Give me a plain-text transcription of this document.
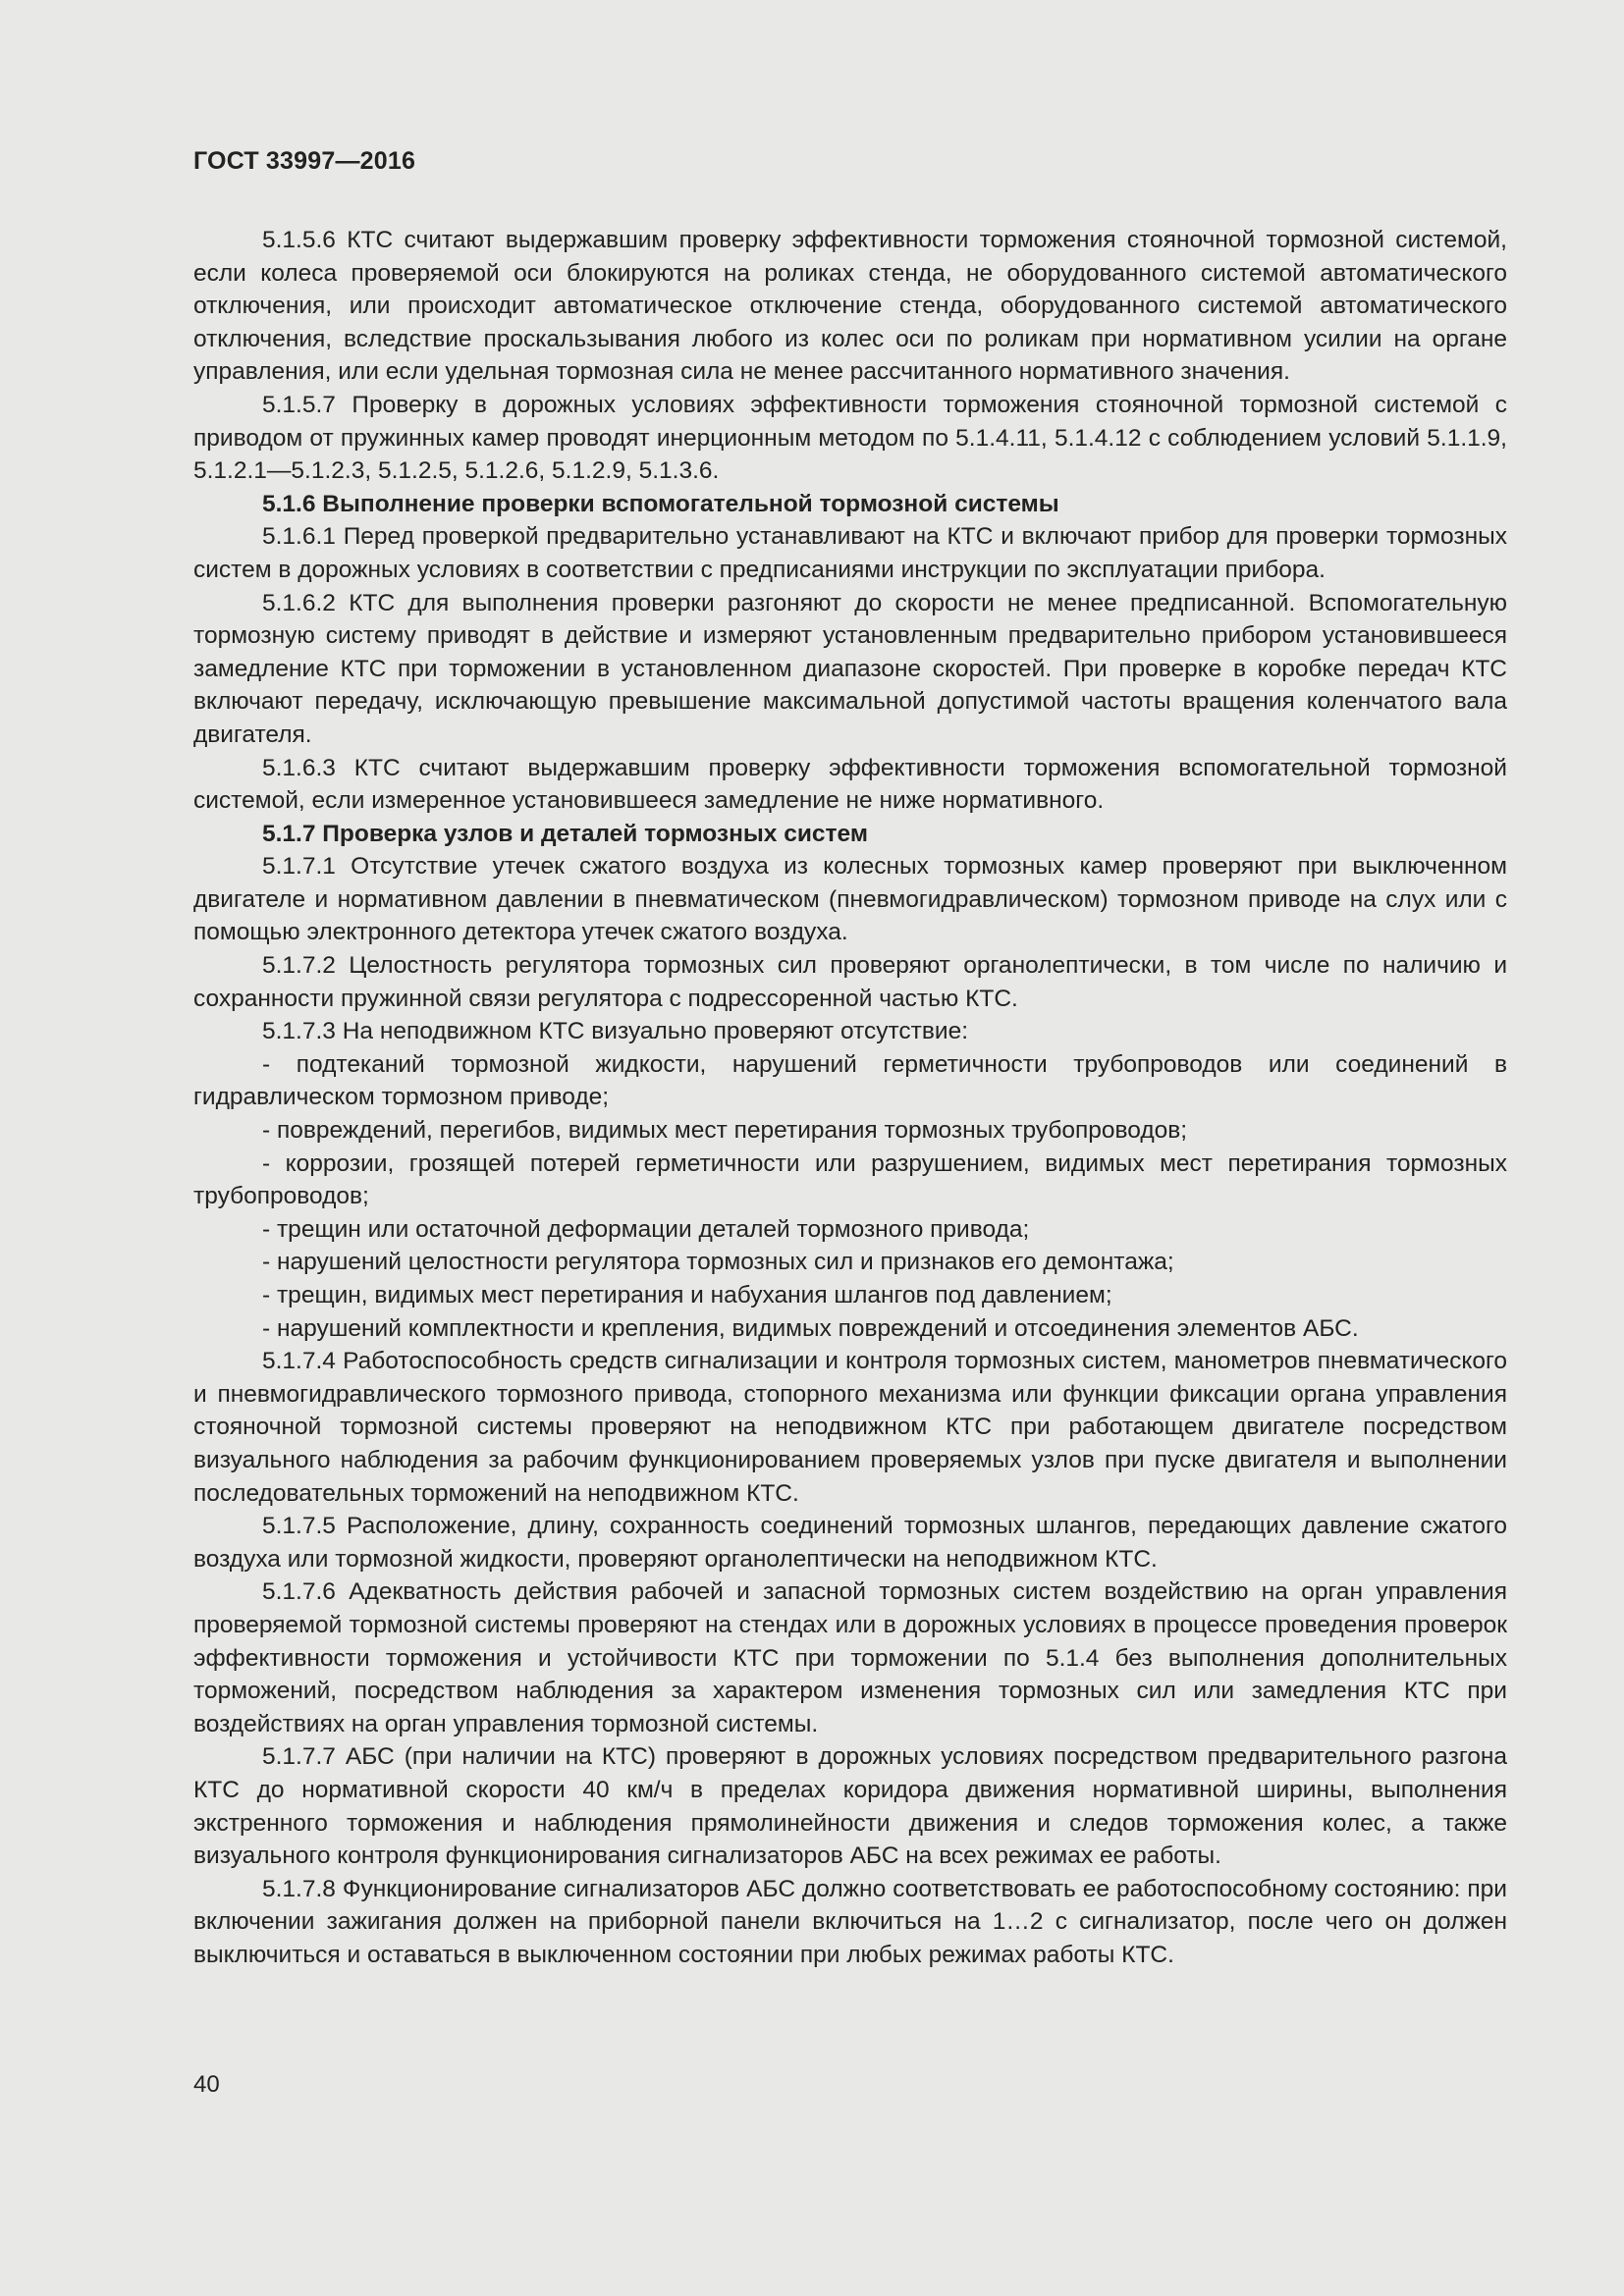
ГОСТ 33997—2016

5.1.5.6 КТС считают выдержавшим проверку эффективности торможения стояночной тормозной системой, если колеса проверяемой оси блокируются на роликах стенда, не оборудованного системой автоматического отключения, или происходит автоматическое отключение стенда, оборудованного системой автоматического отключения, вследствие проскальзывания любого из колес оси по роликам при нормативном усилии на органе управления, или если удельная тормозная сила не менее рассчитанного нормативного значения.

5.1.5.7 Проверку в дорожных условиях эффективности торможения стояночной тормозной системой с приводом от пружинных камер проводят инерционным методом по 5.1.4.11, 5.1.4.12 с соблюдением условий 5.1.1.9, 5.1.2.1—5.1.2.3, 5.1.2.5, 5.1.2.6, 5.1.2.9, 5.1.3.6.

5.1.6 Выполнение проверки вспомогательной тормозной системы

5.1.6.1 Перед проверкой предварительно устанавливают на КТС и включают прибор для проверки тормозных систем в дорожных условиях в соответствии с предписаниями инструкции по эксплуатации прибора.

5.1.6.2 КТС для выполнения проверки разгоняют до скорости не менее предписанной. Вспомогательную тормозную систему приводят в действие и измеряют установленным предварительно прибором установившееся замедление КТС при торможении в установленном диапазоне скоростей. При проверке в коробке передач КТС включают передачу, исключающую превышение максимальной допустимой частоты вращения коленчатого вала двигателя.

5.1.6.3 КТС считают выдержавшим проверку эффективности торможения вспомогательной тормозной системой, если измеренное установившееся замедление не ниже нормативного.

5.1.7 Проверка узлов и деталей тормозных систем

5.1.7.1 Отсутствие утечек сжатого воздуха из колесных тормозных камер проверяют при выключенном двигателе и нормативном давлении в пневматическом (пневмогидравлическом) тормозном приводе на слух или с помощью электронного детектора утечек сжатого воздуха.

5.1.7.2 Целостность регулятора тормозных сил проверяют органолептически, в том числе по наличию и сохранности пружинной связи регулятора с подрессоренной частью КТС.

5.1.7.3 На неподвижном КТС визуально проверяют отсутствие:

- подтеканий тормозной жидкости, нарушений герметичности трубопроводов или соединений в гидравлическом тормозном приводе;

- повреждений, перегибов, видимых мест перетирания тормозных трубопроводов;

- коррозии, грозящей потерей герметичности или разрушением, видимых мест перетирания тормозных трубопроводов;

- трещин или остаточной деформации деталей тормозного привода;

- нарушений целостности регулятора тормозных сил и признаков его демонтажа;

- трещин, видимых мест перетирания и набухания шлангов под давлением;

- нарушений комплектности и крепления, видимых повреждений и отсоединения элементов АБС.

5.1.7.4 Работоспособность средств сигнализации и контроля тормозных систем, манометров пневматического и пневмогидравлического тормозного привода, стопорного механизма или функции фиксации органа управления стояночной тормозной системы проверяют на неподвижном КТС при работающем двигателе посредством визуального наблюдения за рабочим функционированием проверяемых узлов при пуске двигателя и выполнении последовательных торможений на неподвижном КТС.

5.1.7.5 Расположение, длину, сохранность соединений тормозных шлангов, передающих давление сжатого воздуха или тормозной жидкости, проверяют органолептически на неподвижном КТС.

5.1.7.6 Адекватность действия рабочей и запасной тормозных систем воздействию на орган управления проверяемой тормозной системы проверяют на стендах или в дорожных условиях в процессе проведения проверок эффективности торможения и устойчивости КТС при торможении по 5.1.4 без выполнения дополнительных торможений, посредством наблюдения за характером изменения тормозных сил или замедления КТС при воздействиях на орган управления тормозной системы.

5.1.7.7 АБС (при наличии на КТС) проверяют в дорожных условиях посредством предварительного разгона КТС до нормативной скорости 40 км/ч в пределах коридора движения нормативной ширины, выполнения экстренного торможения и наблюдения прямолинейности движения и следов торможения колес, а также визуального контроля функционирования сигнализаторов АБС на всех режимах ее работы.

5.1.7.8 Функционирование сигнализаторов АБС должно соответствовать ее работоспособному состоянию: при включении зажигания должен на приборной панели включиться на 1…2 с сигнализатор, после чего он должен выключиться и оставаться в выключенном состоянии при любых режимах работы КТС.

40
